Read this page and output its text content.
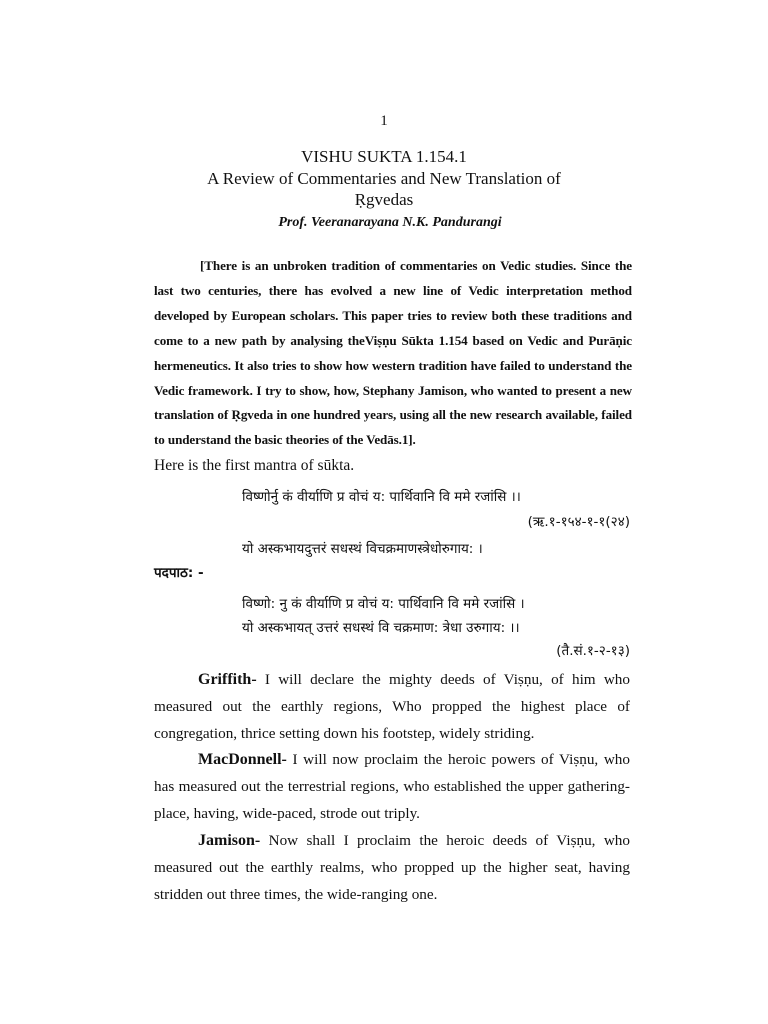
1
VISHU SUKTA 1.154.1
A Review of Commentaries and New Translation of
Ṛgvedas
Prof. Veeranarayana N.K. Pandurangi
[There is an unbroken tradition of commentaries on Vedic studies. Since the last two centuries, there has evolved a new line of Vedic interpretation method developed by European scholars. This paper tries to review both these traditions and come to a new path by analysing theViṣṇu Sūkta 1.154 based on Vedic and Purāṇic hermeneutics. It also tries to show how western tradition have failed to understand the Vedic framework. I try to show, how, Stephany Jamison, who wanted to present a new translation of Ṛgveda in one hundred years, using all the new research available, failed to understand the basic theories of the Vedās.1].
Here is the first mantra of sūkta.
विष्णोर्नु कं वीर्याणि प्र वोचं य: पार्थिवानि वि ममे रजांसि ।।
(ऋ.१-१५४-१-१(२४)
यो अस्कभायदुत्तरं सधस्थं विचक्रमाणस्त्रेधोरुगाय: ।
पदपाठ: -
विष्णो: नु कं वीर्याणि प्र वोचं य: पार्थिवानि वि ममे रजांसि ।
यो अस्कभायत् उत्तरं सधस्थं वि चक्रमाण: त्रेधा उरुगाय: ।।
(तै.सं.१-२-१३)

Griffith- I will declare the mighty deeds of Viṣṇu, of him who measured out the earthly regions, Who propped the highest place of congregation, thrice setting down his footstep, widely striding.

MacDonnell- I will now proclaim the heroic powers of Viṣṇu, who has measured out the terrestrial regions, who established the upper gathering-place, having, wide-paced, strode out triply.

Jamison- Now shall I proclaim the heroic deeds of Viṣṇu, who measured out the earthly realms, who propped up the higher seat, having stridden out three times, the wide-ranging one.
